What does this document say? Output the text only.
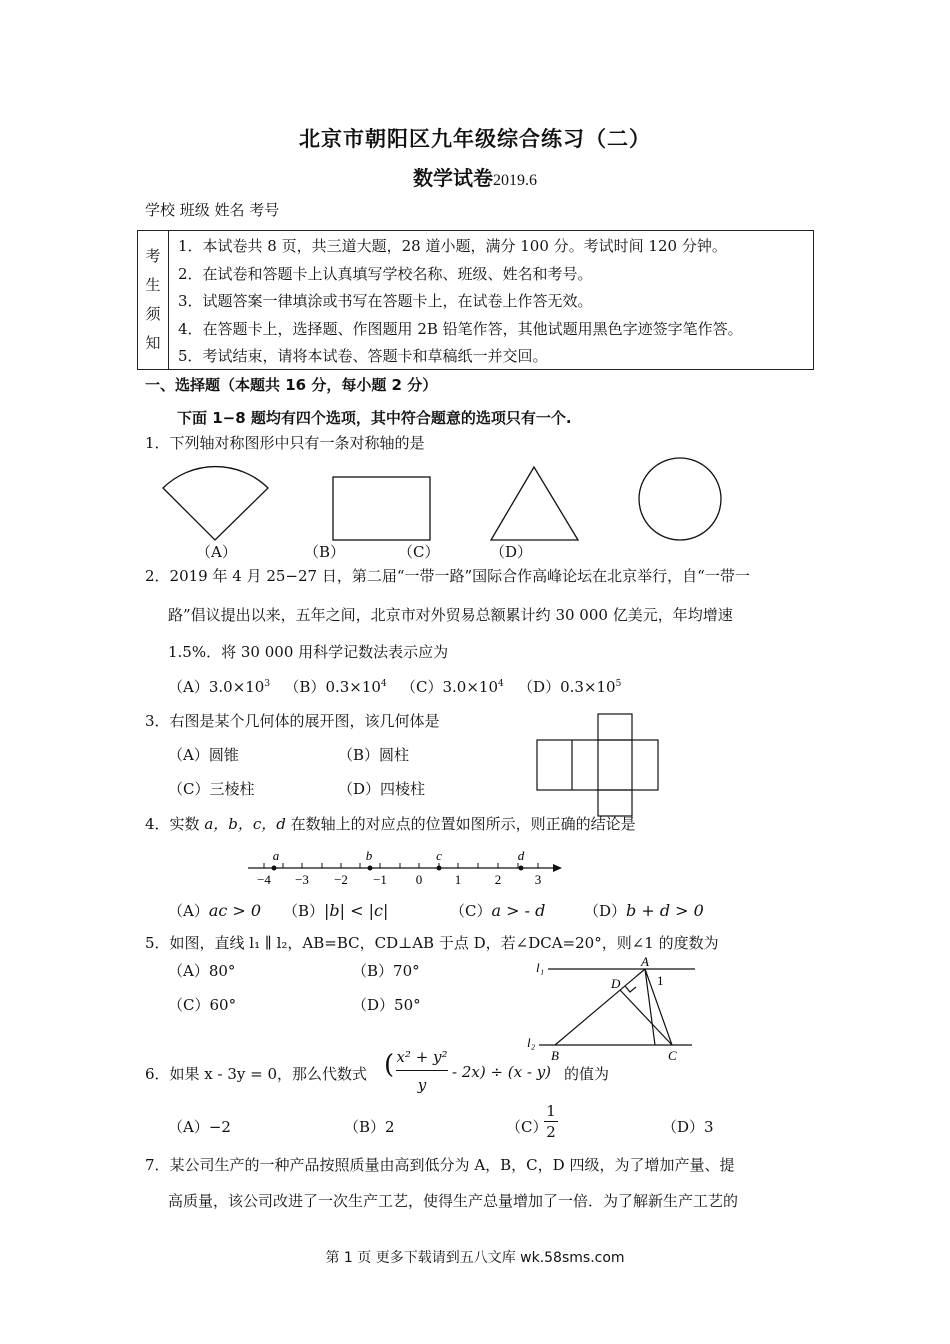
北京市朝阳区九年级综合练习（二）
数学试卷2019.6
学校 班级 姓名 考号
考
生
须
知
1．本试卷共 8 页，共三道大题，28 道小题，满分 100 分。考试时间 120 分钟。
2．在试卷和答题卡上认真填写学校名称、班级、姓名和考号。
3．试题答案一律填涂或书写在答题卡上，在试卷上作答无效。
4．在答题卡上，选择题、作图题用 2B 铅笔作答，其他试题用黑色字迹签字笔作答。
5．考试结束，请将本试卷、答题卡和草稿纸一并交回。
一、选择题（本题共 16 分，每小题 2 分）
下面 1−8 题均有四个选项，其中符合题意的选项只有一个.
1．下列轴对称图形中只有一条对称轴的是
（A）	（B）	（C）	（D）
2．2019 年 4 月 25−27 日，第二届“一带一路”国际合作高峰论坛在北京举行，自“一带一
路”倡议提出以来，五年之间，北京市对外贸易总额累计约 30 000 亿美元，年均增速
1.5%．将 30 000 用科学记数法表示应为
$(A)3.0\times 10^3$ $(B)0.3\times 10^4$ $(C)3.0\times 10^4$ $(D)0.3\times 10^5$
3．右图是某个几何体的展开图，该几何体是
（A）圆锥	（B）圆柱
（C）三棱柱	（D）四棱柱
4．实数 a，b，c，d 在数轴上的对应点的位置如图所示，则正确的结论是
a	b	c	d
−4 −3 −2 −1 0	1	2	3
（A）ac > 0 （B）|b| < |c|	（C）a > - d	（D）b + d > 0
5．如图，直线 l₁ ∥ l₂，AB=BC，CD⊥AB 于点 D，若∠DCA=20°，则∠1 的度数为
（A）80°	（B）70°
（C）60°	（D）50°
l₁
l₂
A
D
B	C
1
6．如果 x - 3y = 0，那么代数式 ( x² + y²
y
- 2x) ÷ (x - y) 的值为
（A）−2	（B）2	（C）
1
2	（D）3
7．某公司生产的一种产品按照质量由高到低分为 A，B，C，D 四级，为了增加产量、提
高质量，该公司改进了一次生产工艺，使得生产总量增加了一倍．为了解新生产工艺的
第 1 页 更多下载请到五八文库 wk.58sms.com
